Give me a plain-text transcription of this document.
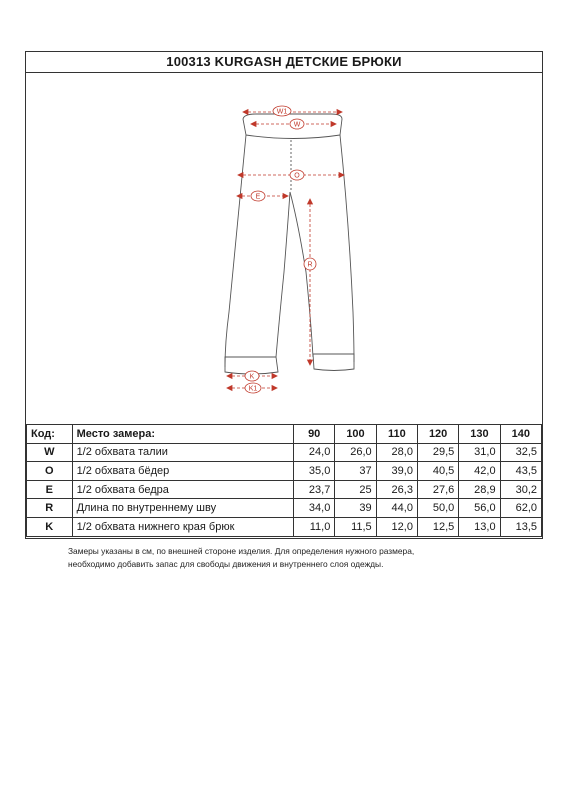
100313 KURGASH ДЕТСКИЕ БРЮКИ
W1
W
O
E
R
K
K1
Код:	Место замера:	90	100	110	120	130	140
W	1/2 обхвата талии	24,0	26,0	28,0	29,5	31,0	32,5
O	1/2 обхвата бёдер	35,0	37	39,0	40,5	42,0	43,5
E	1/2 обхвата бедра	23,7	25	26,3	27,6	28,9	30,2
R	Длина по внутреннему шву	34,0	39	44,0	50,0	56,0	62,0
K	1/2 обхвата нижнего края брюк	11,0	11,5	12,0	12,5	13,0	13,5
Замеры указаны в см, по внешней стороне изделия. Для определения нужного размера,
необходимо добавить запас для свободы движения и внутреннего слоя одежды.
